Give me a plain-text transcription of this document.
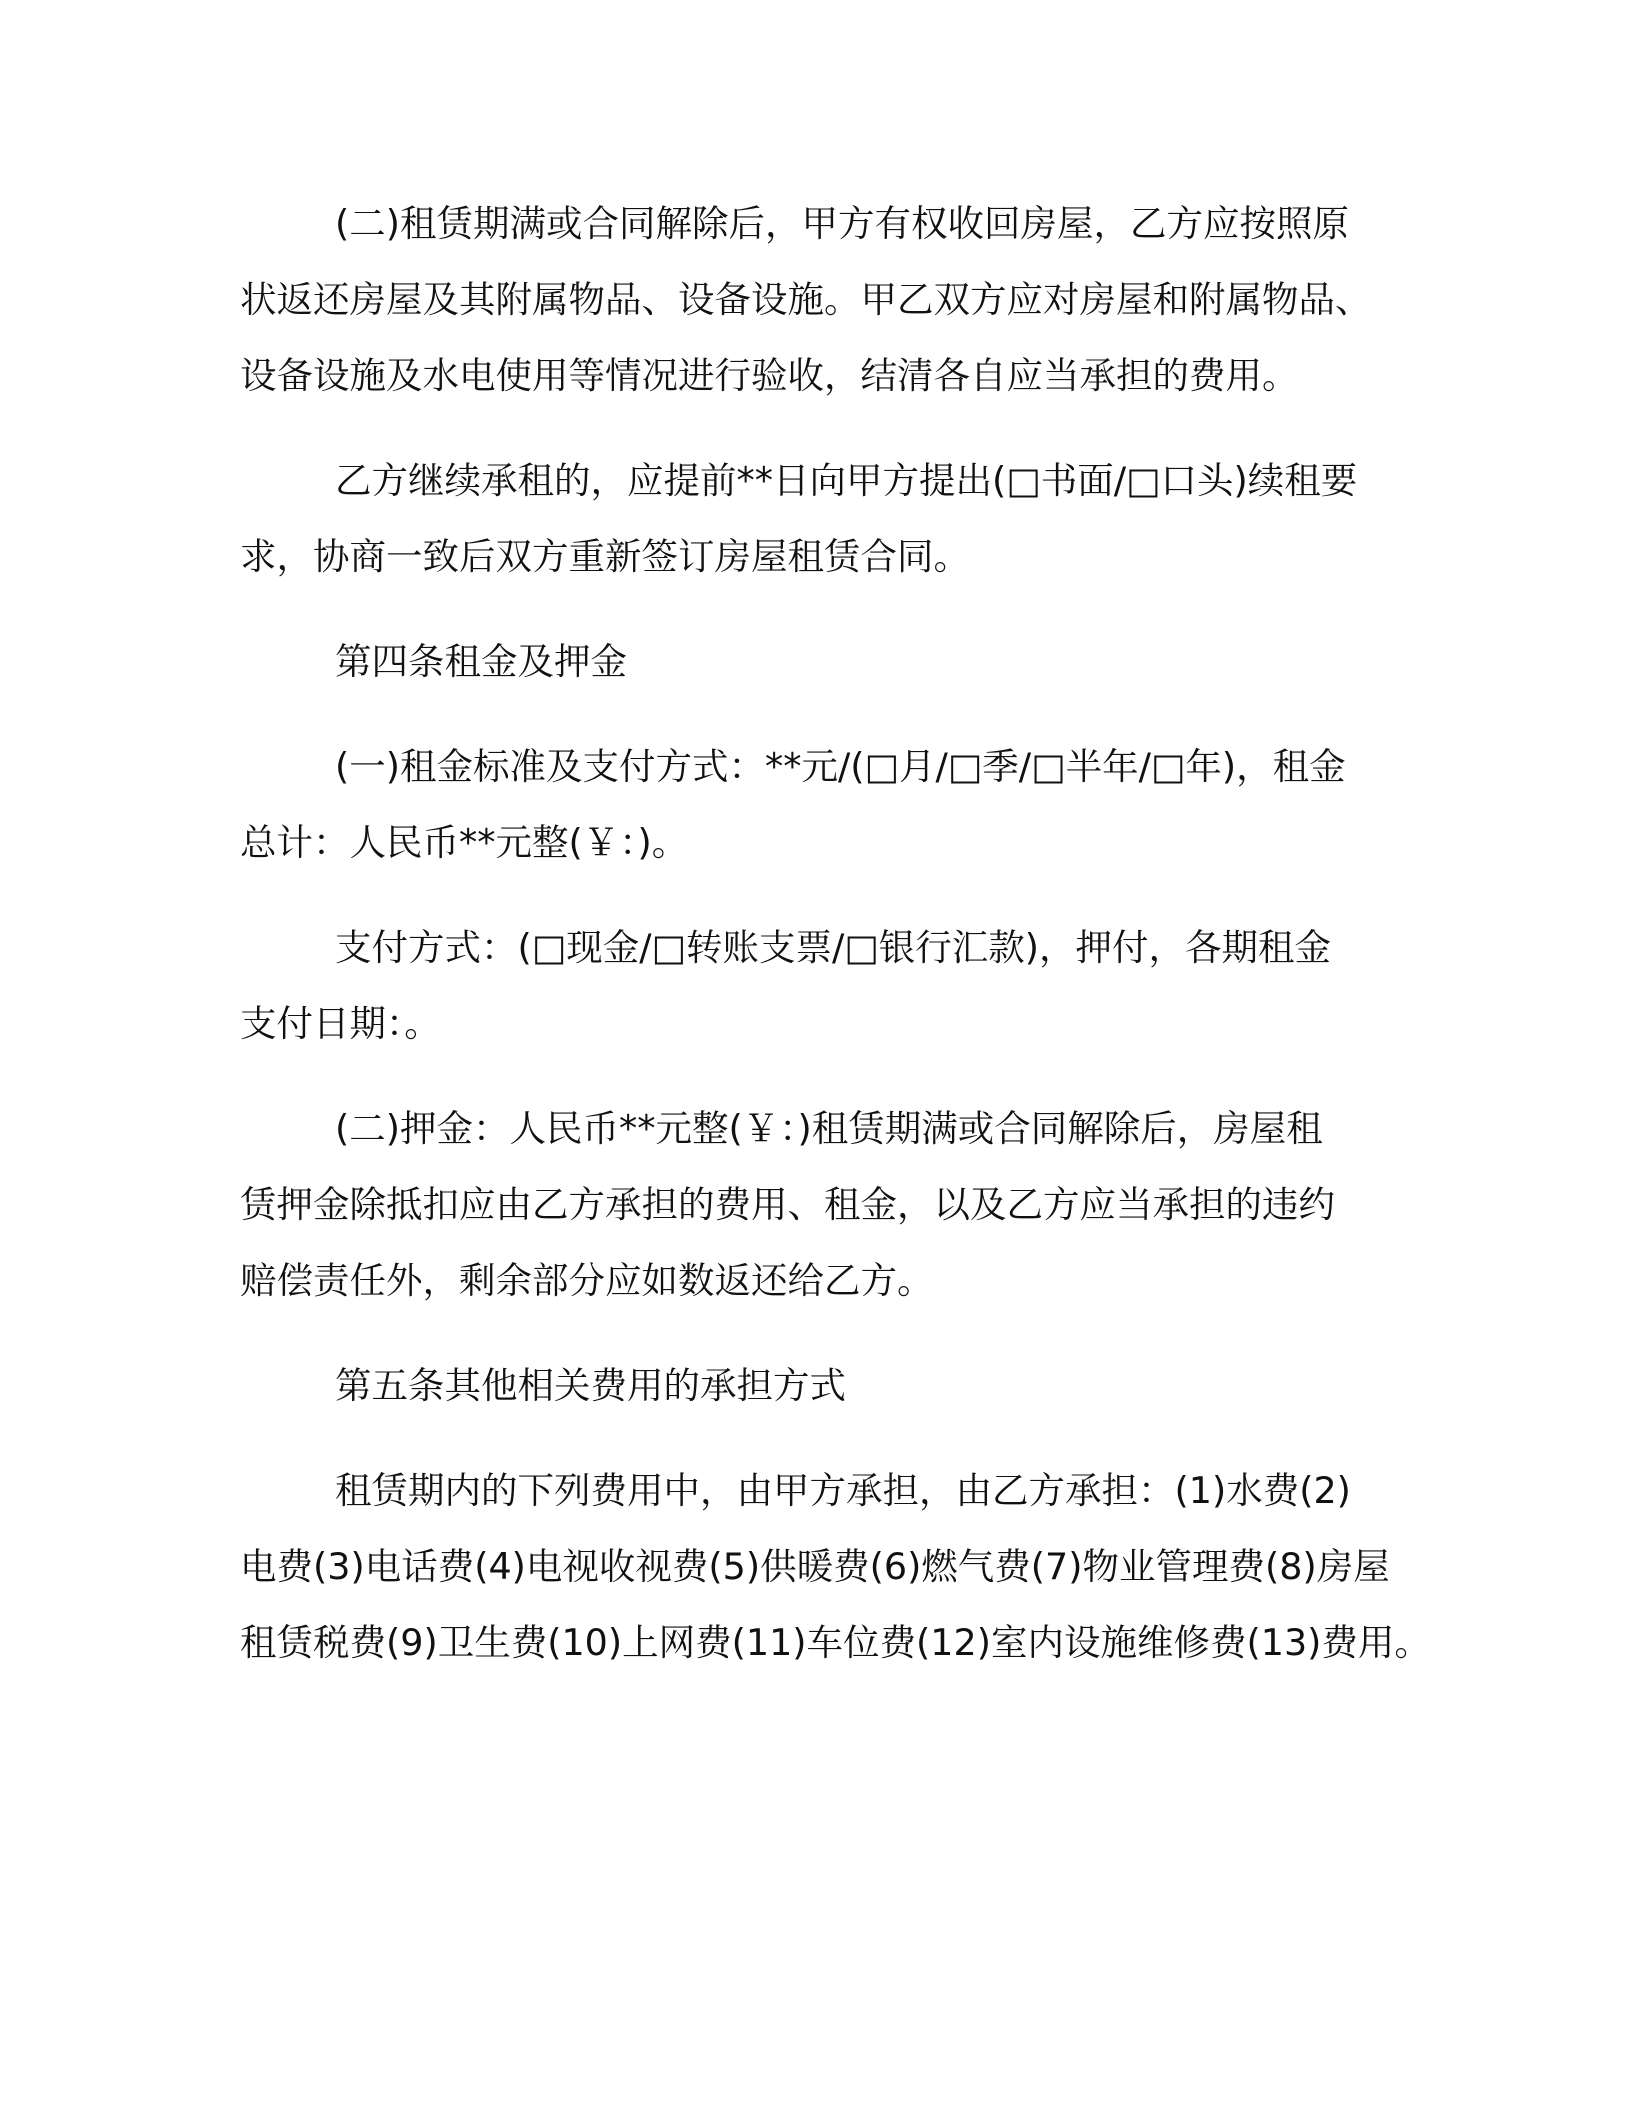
(二)租赁期满或合同解除后，甲方有权收回房屋，乙方应按照原
状返还房屋及其附属物品、设备设施。甲乙双方应对房屋和附属物品、
设备设施及水电使用等情况进行验收，结清各自应当承担的费用。

乙方继续承租的，应提前**日向甲方提出(□书面/□口头)续租要
求，协商一致后双方重新签订房屋租赁合同。

第四条租金及押金

(一)租金标准及支付方式：**元/(□月/□季/□半年/□年)，租金
总计：人民币**元整(￥：)。

支付方式：(□现金/□转账支票/□银行汇款)，押付，各期租金
支付日期：。

(二)押金：人民币**元整(￥：)租赁期满或合同解除后，房屋租
赁押金除抵扣应由乙方承担的费用、租金，以及乙方应当承担的违约
赔偿责任外，剩余部分应如数返还给乙方。

第五条其他相关费用的承担方式

租赁期内的下列费用中，由甲方承担，由乙方承担：(1)水费(2)
电费(3)电话费(4)电视收视费(5)供暖费(6)燃气费(7)物业管理费(8)房屋
租赁税费(9)卫生费(10)上网费(11)车位费(12)室内设施维修费(13)费用。
